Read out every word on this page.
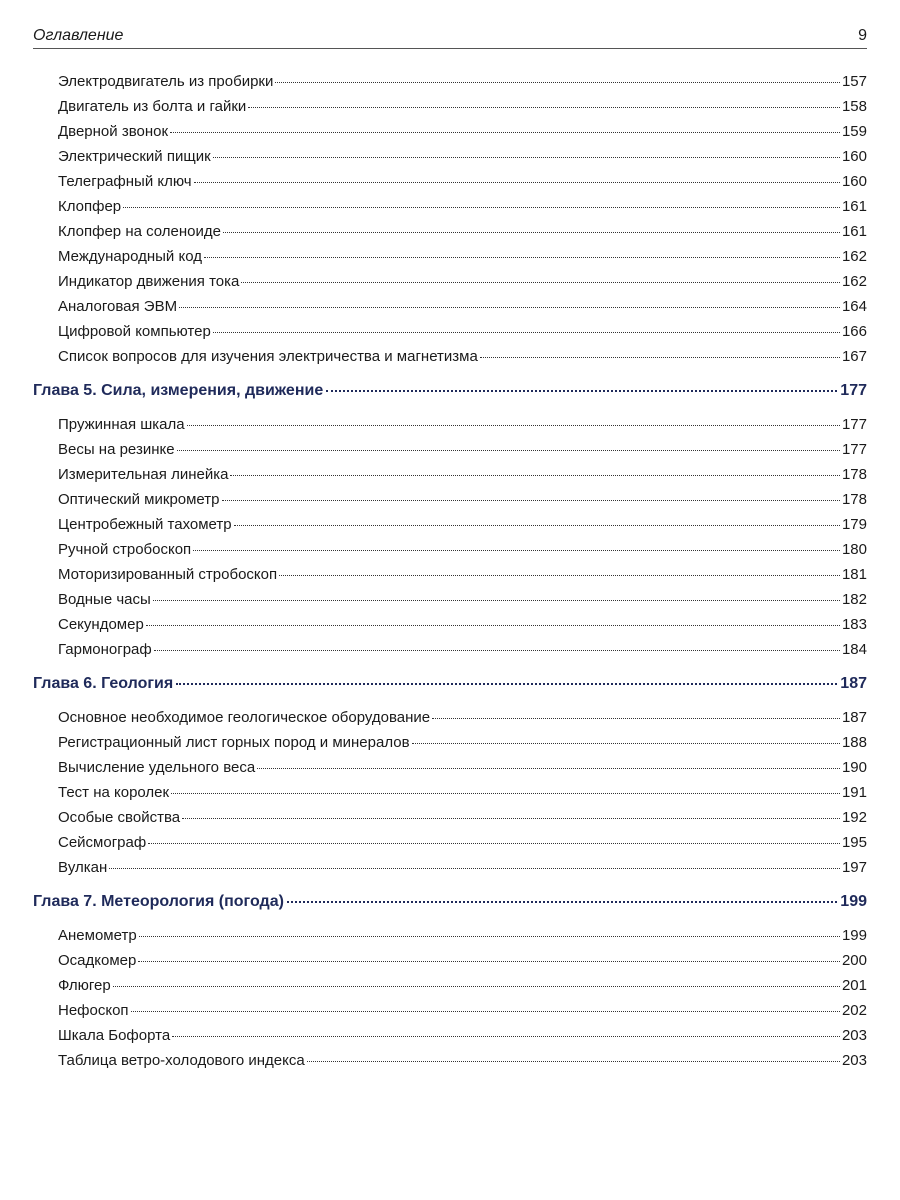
Оглавление	9
Электродвигатель из пробирки	157
Двигатель из болта и гайки	158
Дверной звонок	159
Электрический пищик	160
Телеграфный ключ	160
Клопфер	161
Клопфер на соленоиде	161
Международный код	162
Индикатор движения тока	162
Аналоговая ЭВМ	164
Цифровой компьютер	166
Список вопросов для изучения электричества и магнетизма	167
Глава 5. Сила, измерения, движение	177
Пружинная шкала	177
Весы на резинке	177
Измерительная линейка	178
Оптический микрометр	178
Центробежный тахометр	179
Ручной стробоскоп	180
Моторизированный стробоскоп	181
Водные часы	182
Секундомер	183
Гармонограф	184
Глава 6. Геология	187
Основное необходимое геологическое оборудование	187
Регистрационный лист горных пород и минералов	188
Вычисление удельного веса	190
Тест на королек	191
Особые свойства	192
Сейсмограф	195
Вулкан	197
Глава 7. Метеорология (погода)	199
Анемометр	199
Осадкомер	200
Флюгер	201
Нефоскоп	202
Шкала Бофорта	203
Таблица ветро-холодового индекса	203
